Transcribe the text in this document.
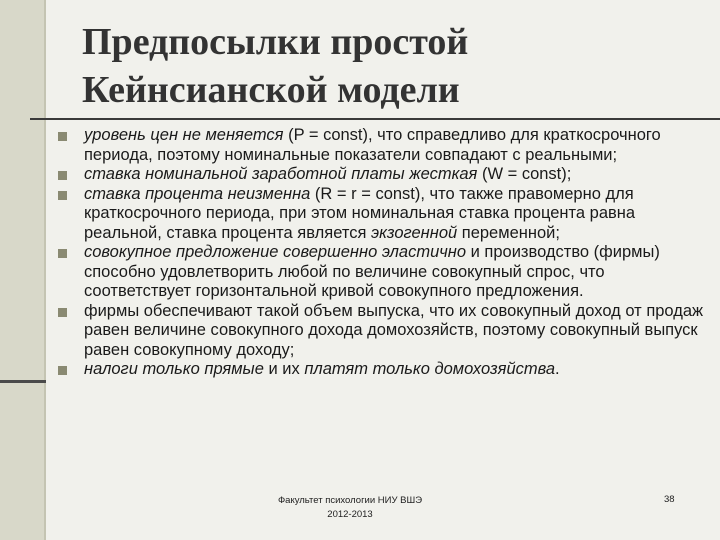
Предпосылки простой
Кейнсианской модели
уровень цен не меняется (P = const), что справедливо для краткосрочного периода, поэтому номинальные показатели совпадают с реальными;
ставка номинальной заработной платы жесткая (W = const);
ставка процента неизменна (R = r = const), что также правомерно для краткосрочного периода, при этом номинальная ставка процента равна реальной, ставка процента является экзогенной переменной;
совокупное предложение совершенно эластично и производство (фирмы) способно удовлетворить любой по величине совокупный спрос, что соответствует горизонтальной кривой совокупного предложения.
фирмы обеспечивают такой объем выпуска, что их совокупный доход от продаж равен величине совокупного дохода домохозяйств, поэтому совокупный выпуск равен совокупному доходу;
налоги только прямые и их платят только домохозяйства.
Факультет психологии НИУ ВШЭ
2012-2013
38
